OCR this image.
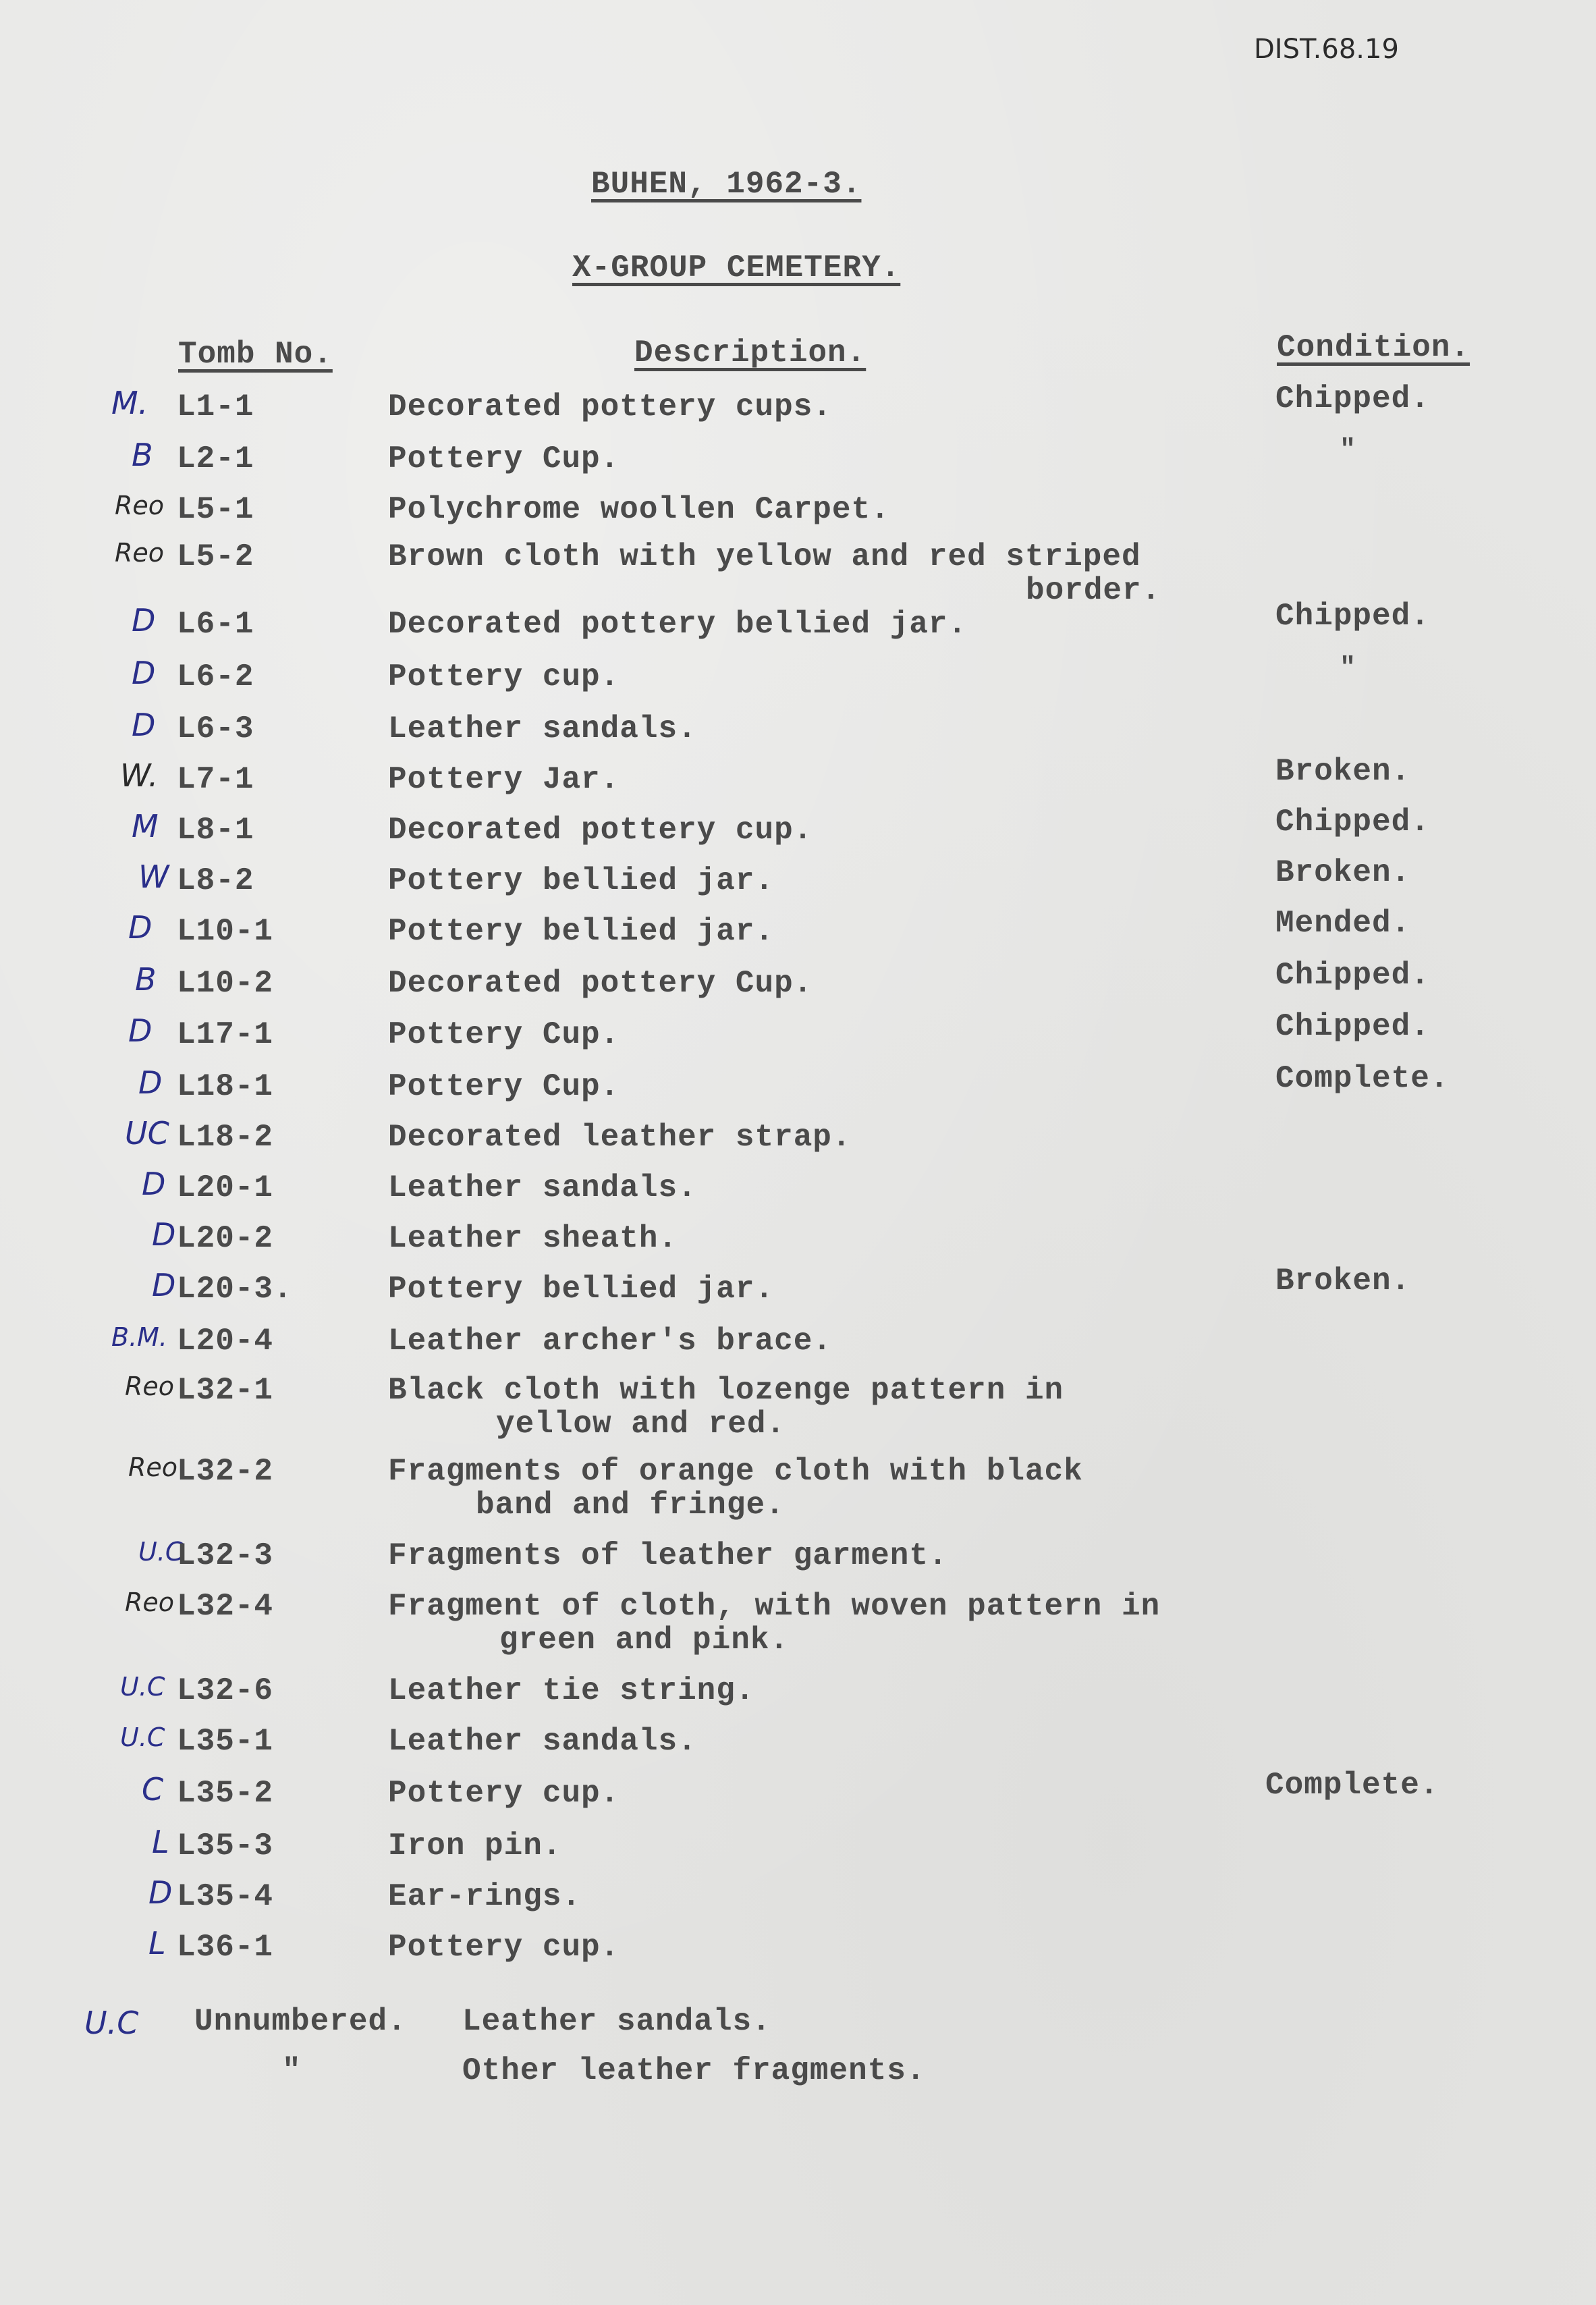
DIST.68.19
BUHEN, 1962-3.
X-GROUP CEMETERY.
Tomb No.	Description.	Condition.
M. L1-1	Decorated pottery cups.	Chipped.
B L2-1	Pottery Cup.	"
Reo L5-1	Polychrome woollen Carpet.
Reo L5-2	Brown cloth with yellow and red striped
border.
D L6-1	Decorated pottery bellied jar.	Chipped.
D L6-2	Pottery cup.	"
D L6-3	Leather sandals.
W. L7-1	Pottery Jar.	Broken.
M L8-1	Decorated pottery cup.	Chipped.
W L8-2	Pottery bellied jar.	Broken.
D L10-1	Pottery bellied jar.	Mended.
B L10-2	Decorated pottery Cup.	Chipped.
D L17-1	Pottery Cup.	Chipped.
D L18-1	Pottery Cup.	Complete.
UC L18-2	Decorated leather strap.
D L20-1	Leather sandals.
D L20-2	Leather sheath.
D L20-3.	Pottery bellied jar.	Broken.
B.M. L20-4	Leather archer's brace.
Reo L32-1	Black cloth with lozenge pattern in
yellow and red.
Reo
L32-2	Fragments of orange cloth with black
band and fringe.
U.C
L32-3	Fragments of leather garment.
Reo L32-4	Fragment of cloth, with woven pattern in
green and pink.
U.C L32-6	Leather tie string.
U.C L35-1	Leather sandals.
C L35-2	Pottery cup.	Complete.
L L35-3	Iron pin.
D L35-4	Ear-rings.
L L36-1	Pottery cup.
U.C Unnumbered. Leather sandals.
"	Other leather fragments.
